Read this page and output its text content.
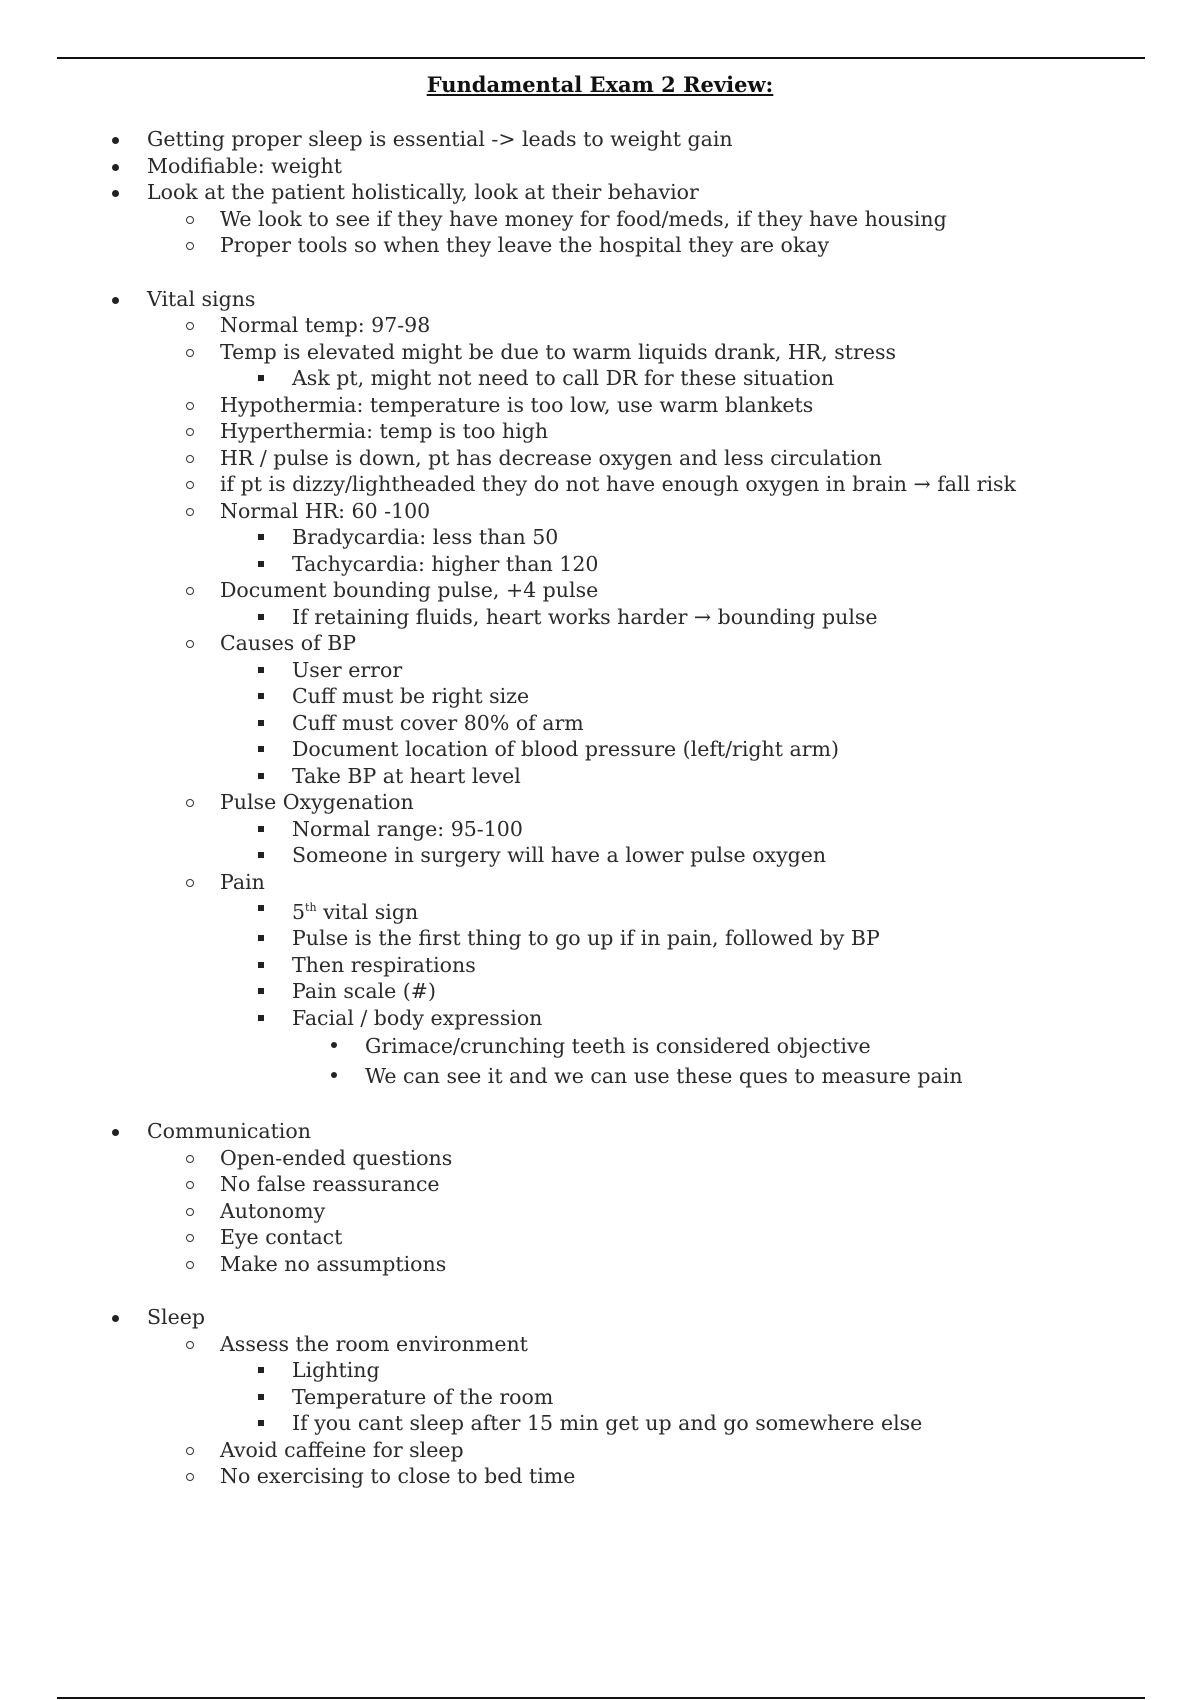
Fundamental Exam 2 Review:
Getting proper sleep is essential -> leads to weight gain
Modifiable: weight
Look at the patient holistically, look at their behavior
We look to see if they have money for food/meds, if they have housing
Proper tools so when they leave the hospital they are okay
Vital signs
Normal temp: 97-98
Temp is elevated might be due to warm liquids drank, HR, stress
Ask pt, might not need to call DR for these situation
Hypothermia: temperature is too low, use warm blankets
Hyperthermia: temp is too high
HR / pulse is down, pt has decrease oxygen and less circulation
if pt is dizzy/lightheaded they do not have enough oxygen in brain → fall risk
Normal HR: 60 -100
Bradycardia: less than 50
Tachycardia: higher than 120
Document bounding pulse, +4 pulse
If retaining fluids, heart works harder → bounding pulse
Causes of BP
User error
Cuff must be right size
Cuff must cover 80% of arm
Document location of blood pressure (left/right arm)
Take BP at heart level
Pulse Oxygenation
Normal range: 95-100
Someone in surgery will have a lower pulse oxygen
Pain
5th vital sign
Pulse is the first thing to go up if in pain, followed by BP
Then respirations
Pain scale (#)
Facial / body expression
Grimace/crunching teeth is considered objective
We can see it and we can use these ques to measure pain
Communication
Open-ended questions
No false reassurance
Autonomy
Eye contact
Make no assumptions
Sleep
Assess the room environment
Lighting
Temperature of the room
If you cant sleep after 15 min get up and go somewhere else
Avoid caffeine for sleep
No exercising to close to bed time
